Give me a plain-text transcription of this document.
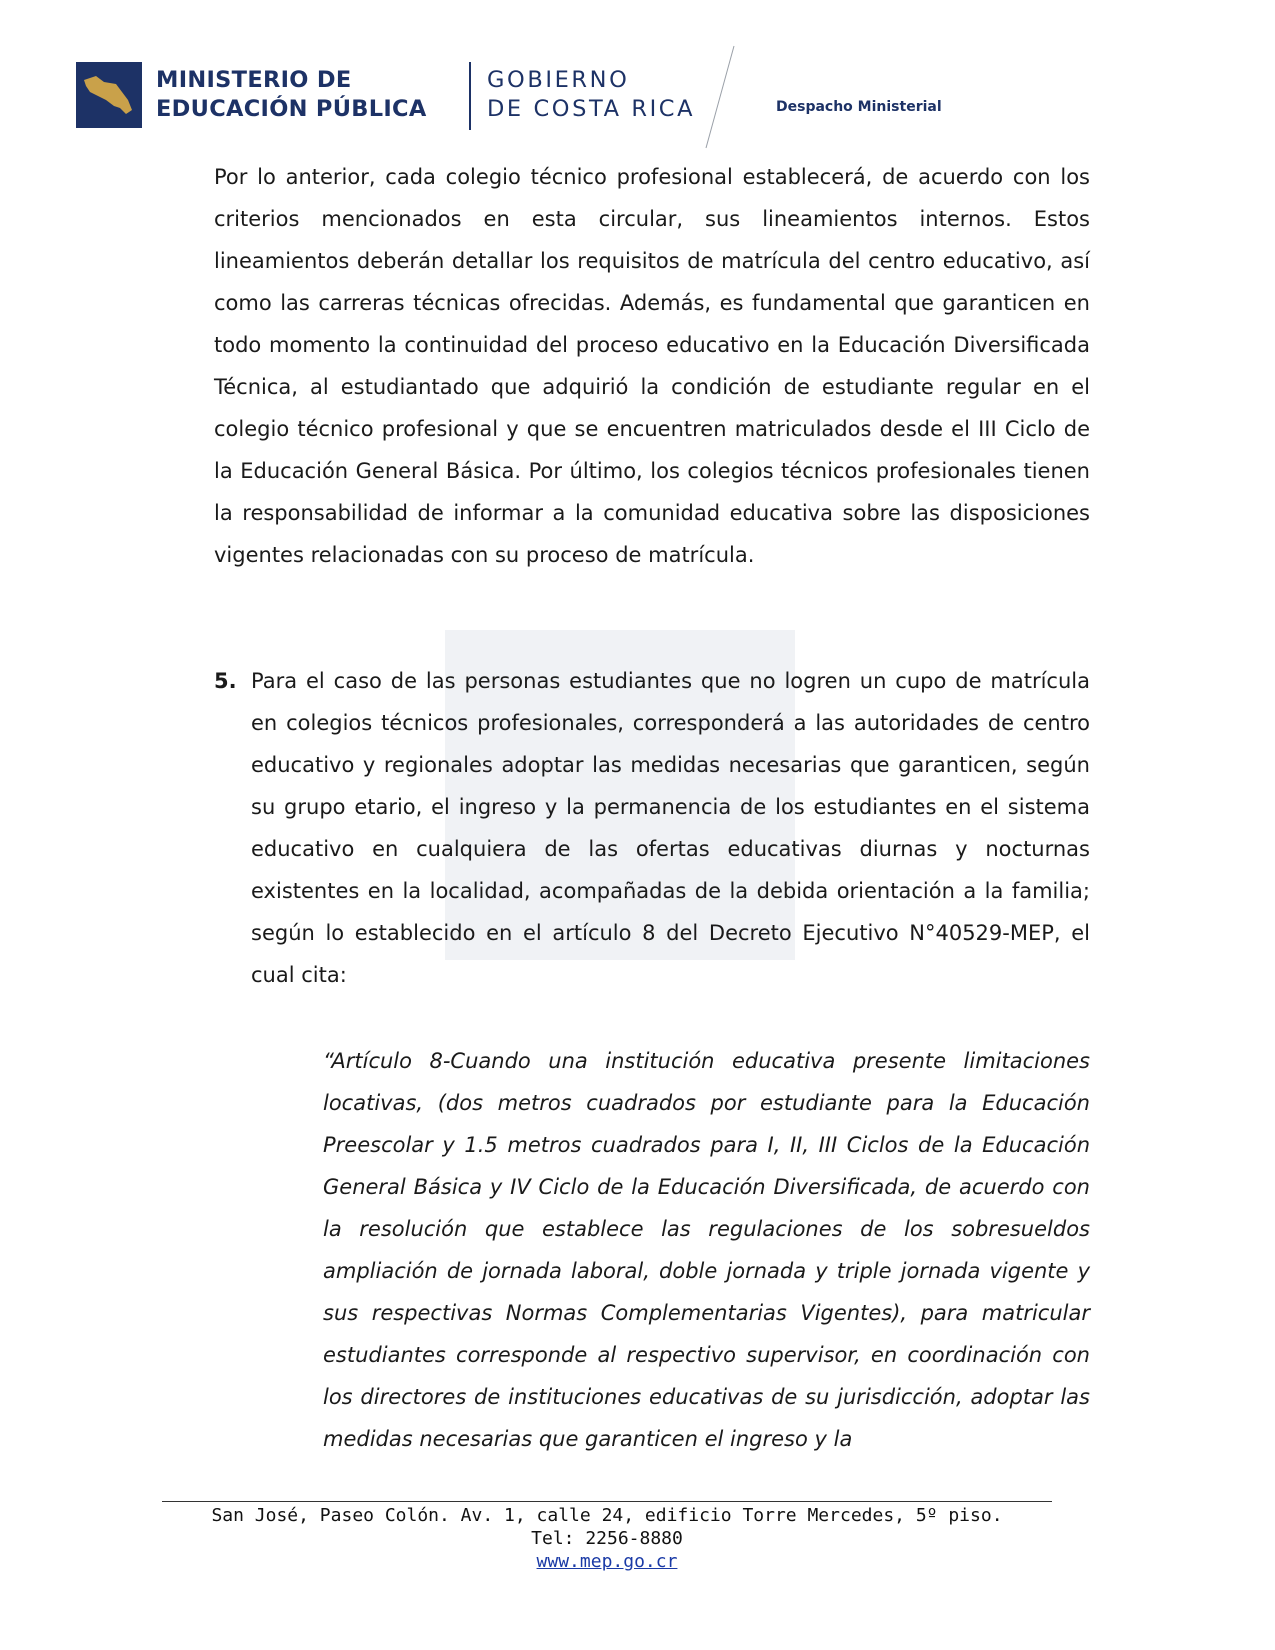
MINISTERIO DE
EDUCACIÓN PÚBLICA
GOBIERNO
DE COSTA RICA	Despacho Ministerial
Por lo anterior, cada colegio técnico profesional establecerá, de acuerdo con los criterios mencionados en esta circular, sus lineamientos internos. Estos lineamientos deberán detallar los requisitos de matrícula del centro educativo, así como las carreras técnicas ofrecidas. Además, es fundamental que garanticen en todo momento la continuidad del proceso educativo en la Educación Diversificada Técnica, al estudiantado que adquirió la condición de estudiante regular en el colegio técnico profesional y que se encuentren matriculados desde el III Ciclo de la Educación General Básica. Por último, los colegios técnicos profesionales tienen la responsabilidad de informar a la comunidad educativa sobre las disposiciones vigentes relacionadas con su proceso de matrícula.
5. Para el caso de las personas estudiantes que no logren un cupo de matrícula en colegios técnicos profesionales, corresponderá a las autoridades de centro educativo y regionales adoptar las medidas necesarias que garanticen, según su grupo etario, el ingreso y la permanencia de los estudiantes en el sistema educativo en cualquiera de las ofertas educativas diurnas y nocturnas existentes en la localidad, acompañadas de la debida orientación a la familia; según lo establecido en el artículo 8 del Decreto Ejecutivo N°40529-MEP, el cual cita:
“Artículo 8-Cuando una institución educativa presente limitaciones locativas, (dos metros cuadrados por estudiante para la Educación Preescolar y 1.5 metros cuadrados para I, II, III Ciclos de la Educación General Básica y IV Ciclo de la Educación Diversificada, de acuerdo con la resolución que establece las regulaciones de los sobresueldos ampliación de jornada laboral, doble jornada y triple jornada vigente y sus respectivas Normas Complementarias Vigentes), para matricular estudiantes corresponde al respectivo supervisor, en coordinación con los directores de instituciones educativas de su jurisdicción, adoptar las medidas necesarias que garanticen el ingreso y la
San José, Paseo Colón. Av. 1, calle 24, edificio Torre Mercedes, 5º piso.
Tel: 2256-8880
www.mep.go.cr
